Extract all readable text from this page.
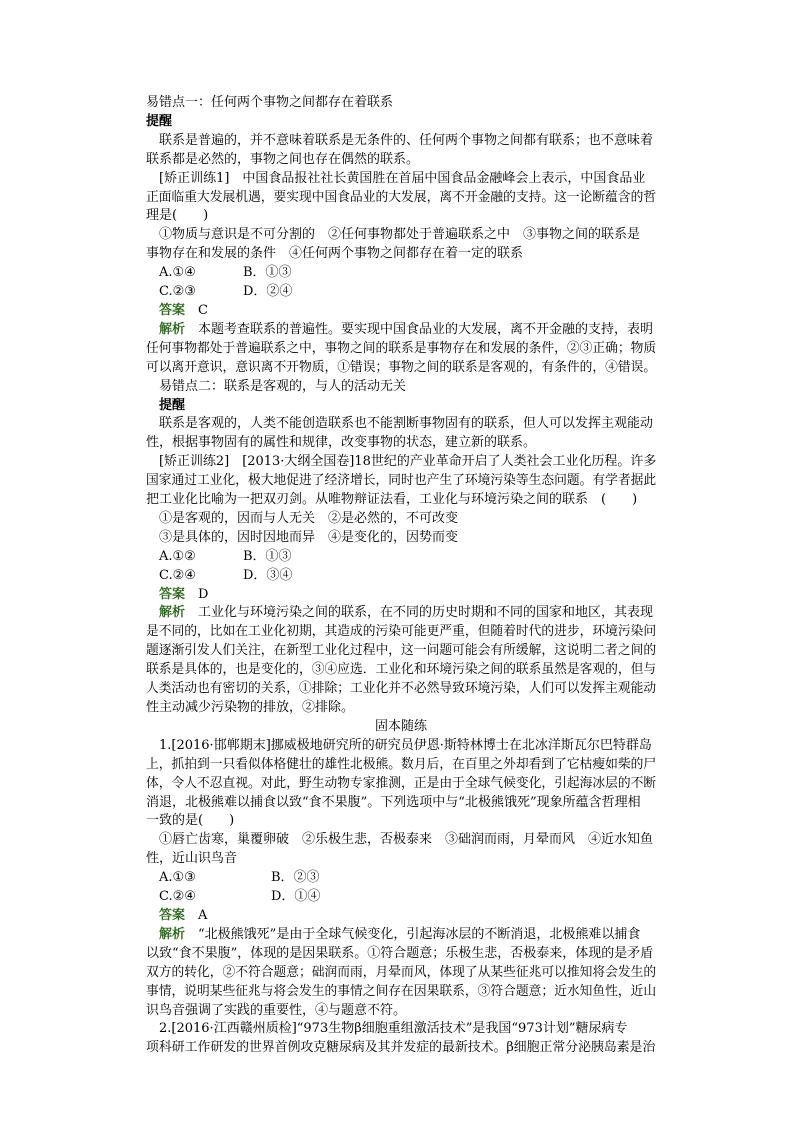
易错点一：任何两个事物之间都存在着联系
提醒
联系是普遍的，并不意味着联系是无条件的、任何两个事物之间都有联系；也不意味着
联系都是必然的，事物之间也存在偶然的联系。
[矫正训练1]　中国食品报社社长黄国胜在首届中国食品金融峰会上表示，中国食品业
正面临重大发展机遇，要实现中国食品业的大发展，离不开金融的支持。这一论断蕴含的哲
理是(　　)
①物质与意识是不可分割的　②任何事物都处于普遍联系之中　③事物之间的联系是
事物存在和发展的条件　④任何两个事物之间都存在着一定的联系
A.①④	B．①③
C.②③	D．②④
答案　 C
解析　 本题考查联系的普遍性。要实现中国食品业的大发展，离不开金融的支持，表明
任何事物都处于普遍联系之中，事物之间的联系是事物存在和发展的条件，②③正确；物质
可以离开意识，意识离不开物质，①错误；事物之间的联系是客观的，有条件的，④错误。
易错点二：联系是客观的，与人的活动无关
提醒
联系是客观的，人类不能创造联系也不能割断事物固有的联系，但人可以发挥主观能动
性，根据事物固有的属性和规律，改变事物的状态，建立新的联系。
[矫正训练2]　[2013·大纲全国卷]18世纪的产业革命开启了人类社会工业化历程。许多
国家通过工业化，极大地促进了经济增长，同时也产生了环境污染等生态问题。有学者据此
把工业化比喻为一把双刃剑。从唯物辩证法看，工业化与环境污染之间的联系　(　　)
①是客观的，因而与人无关　②是必然的，不可改变
③是具体的，因时因地而异　④是变化的，因势而变
A.①②	B．①③
C.②④	D．③④
答案　 D
解析　 工业化与环境污染之间的联系，在不同的历史时期和不同的国家和地区，其表现
是不同的，比如在工业化初期，其造成的污染可能更严重，但随着时代的进步，环境污染问
题逐渐引发人们关注，在新型工业化过程中，这一问题可能会有所缓解，这说明二者之间的
联系是具体的，也是变化的，③④应选．工业化和环境污染之间的联系虽然是客观的，但与
人类活动也有密切的关系，①排除；工业化并不必然导致环境污染，人们可以发挥主观能动
性主动减少污染物的排放，②排除。
固本随练
1.[2016·邯郸期末]挪威极地研究所的研究员伊恩·斯特林博士在北冰洋斯瓦尔巴特群岛
上，抓拍到一只看似体格健壮的雄性北极熊。数月后，在百里之外却看到了它枯瘦如柴的尸
体，令人不忍直视。对此，野生动物专家推测，正是由于全球气候变化，引起海冰层的不断
消退，北极熊难以捕食以致“食不果腹”。下列选项中与“北极熊饿死”现象所蕴含哲理相
一致的是(　　)
①唇亡齿寒，巢覆卵破　②乐极生悲，否极泰来　③础润而雨，月晕而风　④近水知鱼
性，近山识鸟音
A.①③	B．②③
C.②④	D．①④
答案　 A
解析　 “北极熊饿死”是由于全球气候变化，引起海冰层的不断消退，北极熊难以捕食
以致“食不果腹”，体现的是因果联系。①符合题意；乐极生悲，否极泰来，体现的是矛盾
双方的转化，②不符合题意；础润而雨，月晕而风，体现了从某些征兆可以推知将会发生的
事情，说明某些征兆与将会发生的事情之间存在因果联系，③符合题意；近水知鱼性，近山
识鸟音强调了实践的重要性，④与题意不符。
2.[2016·江西赣州质检]“973生物β细胞重组激活技术”是我国“973计划”糖尿病专
项科研工作研发的世界首例攻克糖尿病及其并发症的最新技术。β细胞正常分泌胰岛素是治
